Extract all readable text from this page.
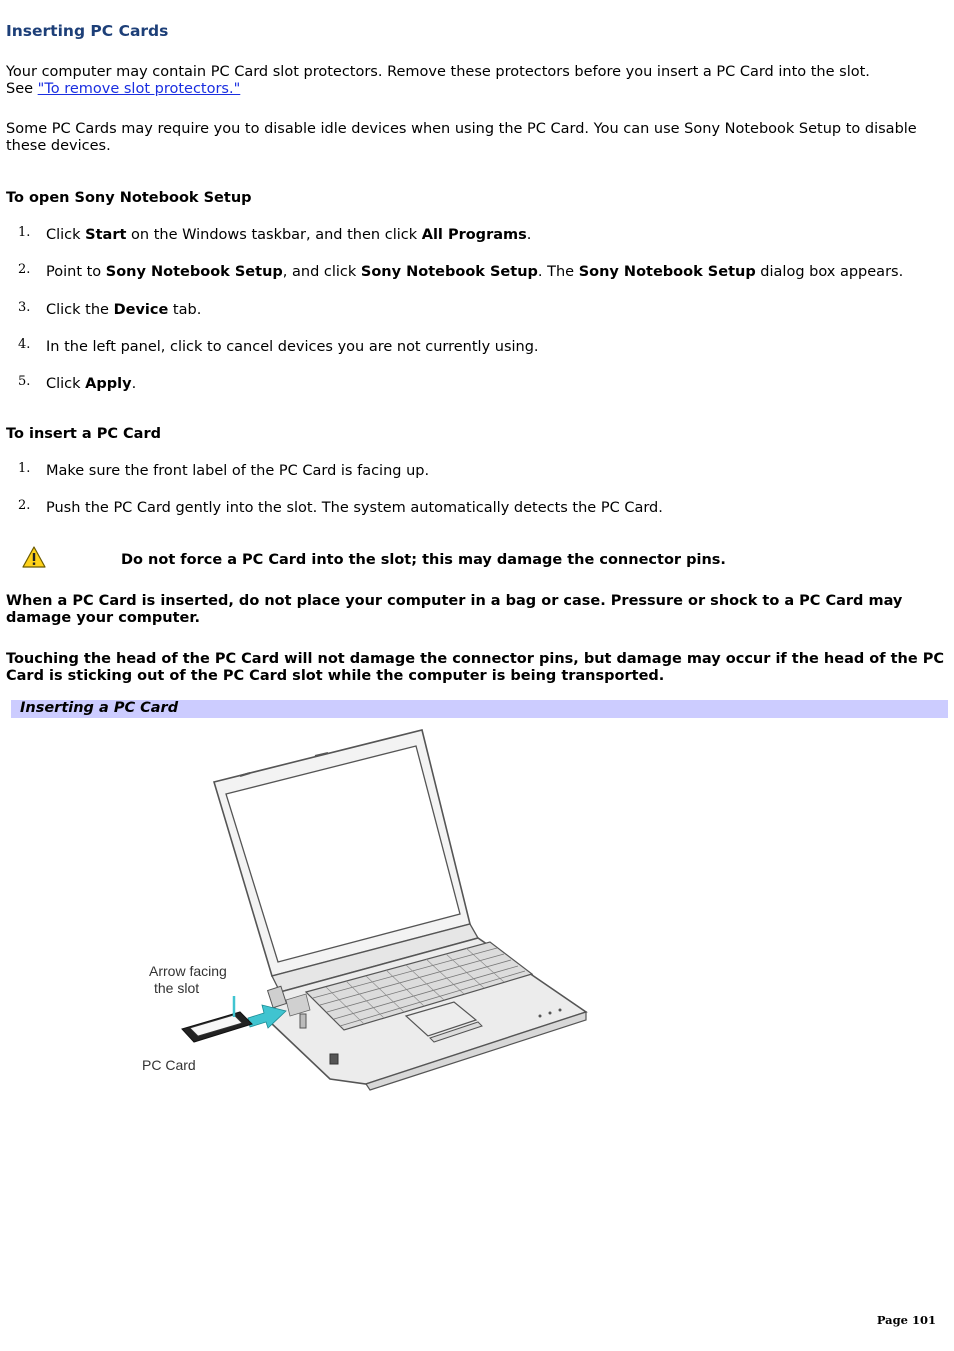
Inserting PC Cards

Your computer may contain PC Card slot protectors. Remove these protectors before you insert a PC Card into the slot.
See "To remove slot protectors."

Some PC Cards may require you to disable idle devices when using the PC Card. You can use Sony Notebook Setup to disable these devices.

To open Sony Notebook Setup
1. Click Start on the Windows taskbar, and then click All Programs.
2. Point to Sony Notebook Setup, and click Sony Notebook Setup. The Sony Notebook Setup dialog box appears.
3. Click the Device tab.
4. In the left panel, click to cancel devices you are not currently using.
5. Click Apply.
To insert a PC Card
1. Make sure the front label of the PC Card is facing up.
2. Push the PC Card gently into the slot. The system automatically detects the PC Card.
Do not force a PC Card into the slot; this may damage the connector pins.

When a PC Card is inserted, do not place your computer in a bag or case. Pressure or shock to a PC Card may damage your computer.

Touching the head of the PC Card will not damage the connector pins, but damage may occur if the head of the PC Card is sticking out of the PC Card slot while the computer is being transported.

Inserting a PC Card
Arrow facing
the slot
PC Card
Page 101
